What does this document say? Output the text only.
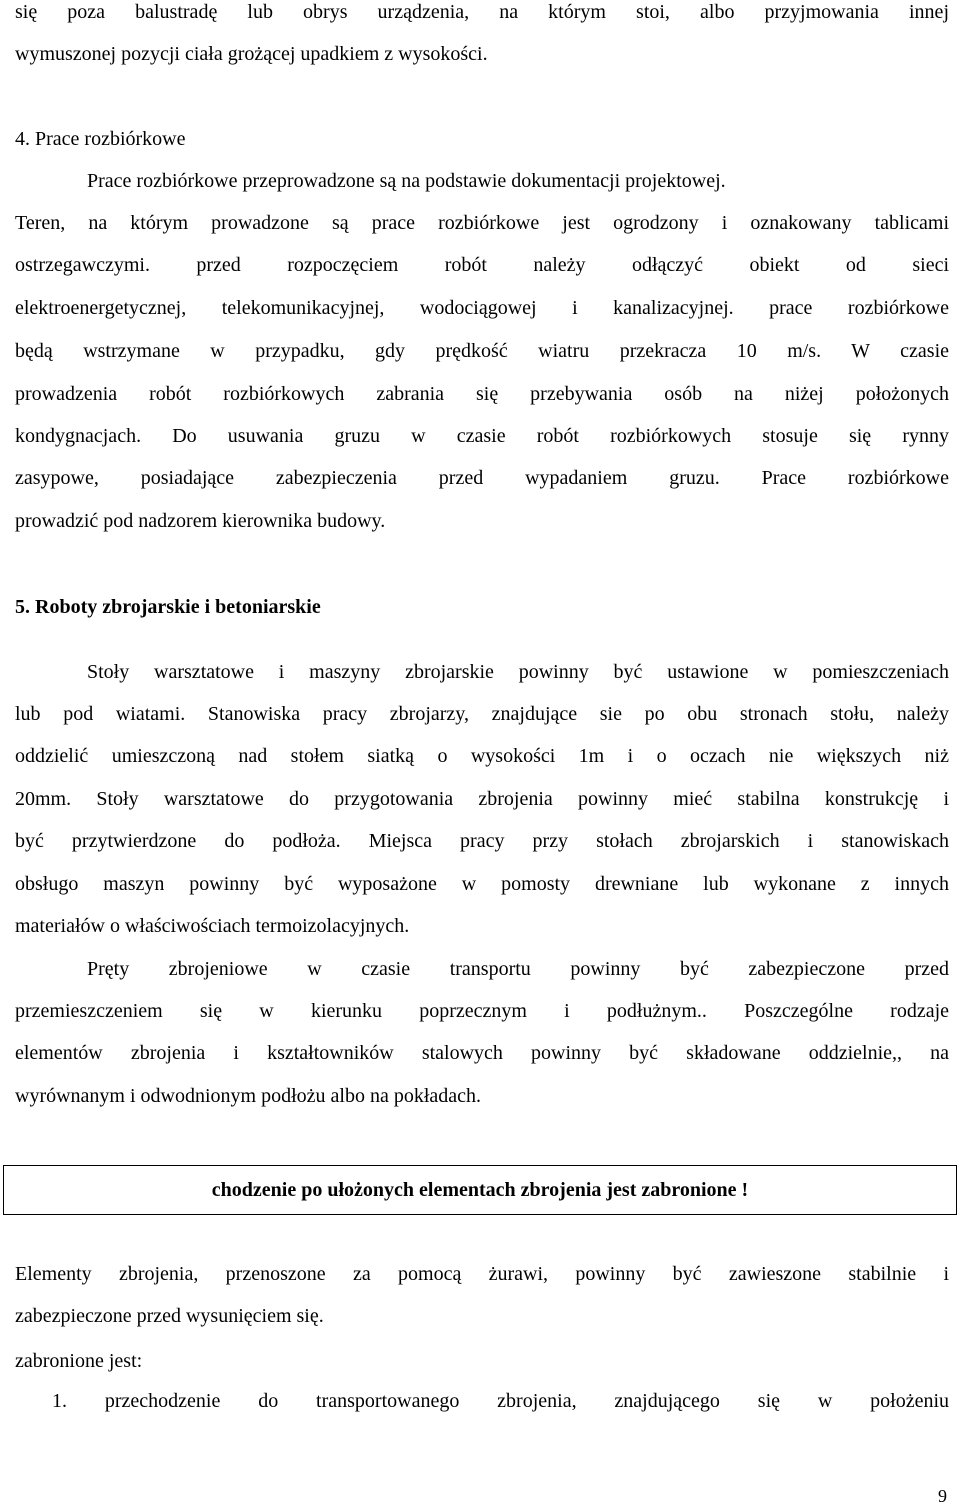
się poza balustradę lub obrys urządzenia, na którym stoi, albo przyjmowania innej
wymuszonej pozycji ciała grożącej upadkiem z wysokości.
4. Prace rozbiórkowe
Prace rozbiórkowe przeprowadzone są na podstawie dokumentacji projektowej.
Teren, na którym prowadzone są prace rozbiórkowe jest ogrodzony i oznakowany tablicami
ostrzegawczymi. przed rozpoczęciem robót należy odłączyć obiekt od sieci
elektroenergetycznej, telekomunikacyjnej, wodociągowej i kanalizacyjnej. prace rozbiórkowe
będą wstrzymane w przypadku, gdy prędkość wiatru przekracza 10 m/s. W czasie
prowadzenia robót rozbiórkowych zabrania się przebywania osób na niżej położonych
kondygnacjach. Do usuwania gruzu w czasie robót rozbiórkowych stosuje się rynny
zasypowe, posiadające zabezpieczenia przed wypadaniem gruzu. Prace rozbiórkowe
prowadzić pod nadzorem kierownika budowy.
5. Roboty zbrojarskie i betoniarskie
Stoły warsztatowe i maszyny zbrojarskie powinny być ustawione w pomieszczeniach
lub pod wiatami. Stanowiska pracy zbrojarzy, znajdujące sie po obu stronach stołu, należy
oddzielić umieszczoną nad stołem siatką o wysokości 1m i o oczach nie większych niż
20mm. Stoły warsztatowe do przygotowania zbrojenia powinny mieć stabilna konstrukcję i
być przytwierdzone do podłoża. Miejsca pracy przy stołach zbrojarskich i stanowiskach
obsługo maszyn powinny być wyposażone w pomosty drewniane lub wykonane z innych
materiałów o właściwościach termoizolacyjnych.
Pręty zbrojeniowe w czasie transportu powinny być zabezpieczone przed
przemieszczeniem się w kierunku poprzecznym i podłużnym.. Poszczególne rodzaje
elementów zbrojenia i kształtowników stalowych powinny być składowane oddzielnie,, na
wyrównanym i odwodnionym podłożu albo na pokładach.
Elementy zbrojenia, przenoszone za pomocą żurawi, powinny być zawieszone stabilnie i
zabezpieczone przed wysunięciem się.
zabronione jest:
1. przechodzenie do transportowanego zbrojenia, znajdującego się w położeniu
chodzenie po ułożonych elementach zbrojenia jest zabronione !
9
